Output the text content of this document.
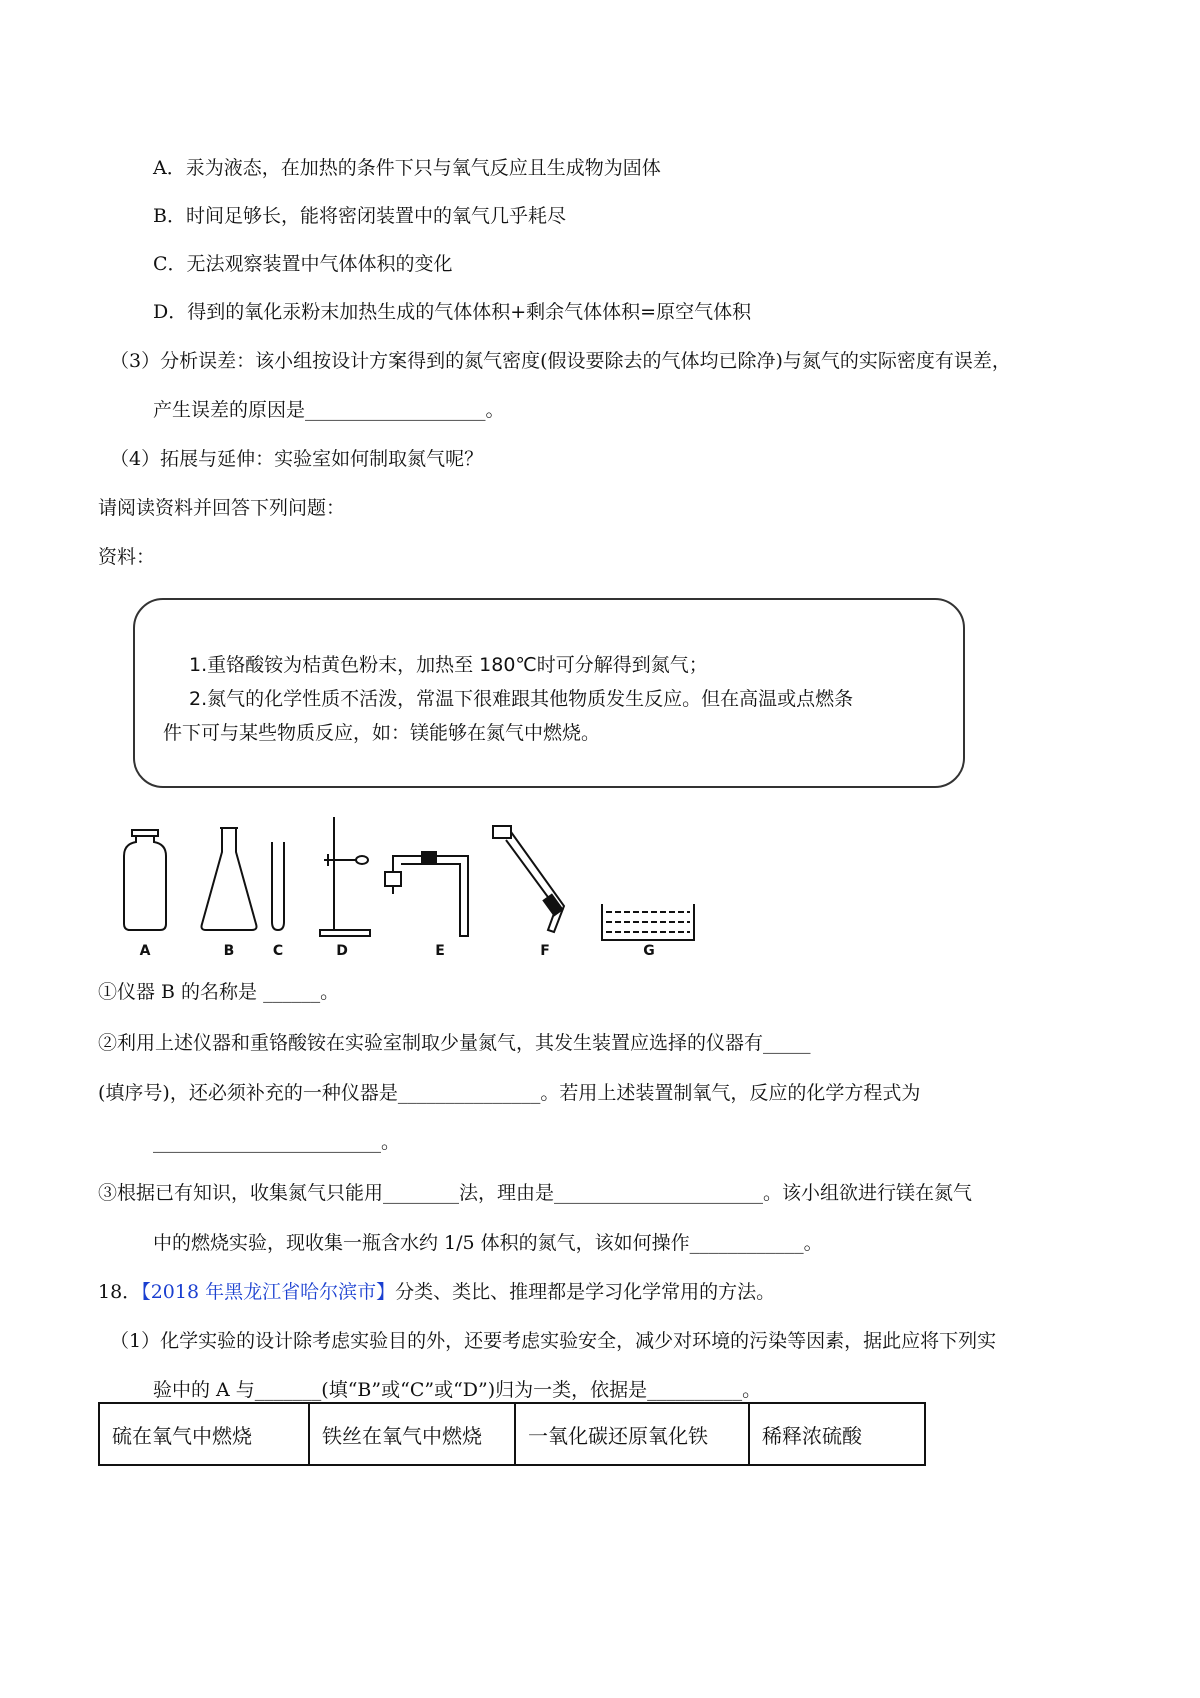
A．汞为液态，在加热的条件下只与氧气反应且生成物为固体
B．时间足够长，能将密闭装置中的氧气几乎耗尽
C．无法观察装置中气体体积的变化
D．得到的氧化汞粉末加热生成的气体体积+剩余气体体积=原空气体积
（3）分析误差：该小组按设计方案得到的氮气密度(假设要除去的气体均已除净)与氮气的实际密度有误差，
产生误差的原因是___________________。
（4）拓展与延伸：实验室如何制取氮气呢？
请阅读资料并回答下列问题：
资料：
1.重铬酸铵为桔黄色粉末，加热至 180℃时可分解得到氮气；
2.氮气的化学性质不活泼，常温下很难跟其他物质发生反应。但在高温或点燃条
件下可与某些物质反应，如：镁能够在氮气中燃烧。
A	B	C	D	E	F	G
①仪器 B 的名称是 ______。
②利用上述仪器和重铬酸铵在实验室制取少量氮气，其发生装置应选择的仪器有_____
(填序号)，还必须补充的一种仪器是_______________。若用上述装置制氧气，反应的化学方程式为
________________________。
③根据已有知识，收集氮气只能用________法，理由是______________________。该小组欲进行镁在氮气
中的燃烧实验，现收集一瓶含水约 1/5 体积的氮气，该如何操作____________。
18．【2018 年黑龙江省哈尔滨市】分类、类比、推理都是学习化学常用的方法。
（1）化学实验的设计除考虑实验目的外，还要考虑实验安全，减少对环境的污染等因素，据此应将下列实
验中的 A 与_______(填“B”或“C”或“D”)归为一类，依据是__________。
硫在氧气中燃烧	铁丝在氧气中燃烧	一氧化碳还原氧化铁	稀释浓硫酸
